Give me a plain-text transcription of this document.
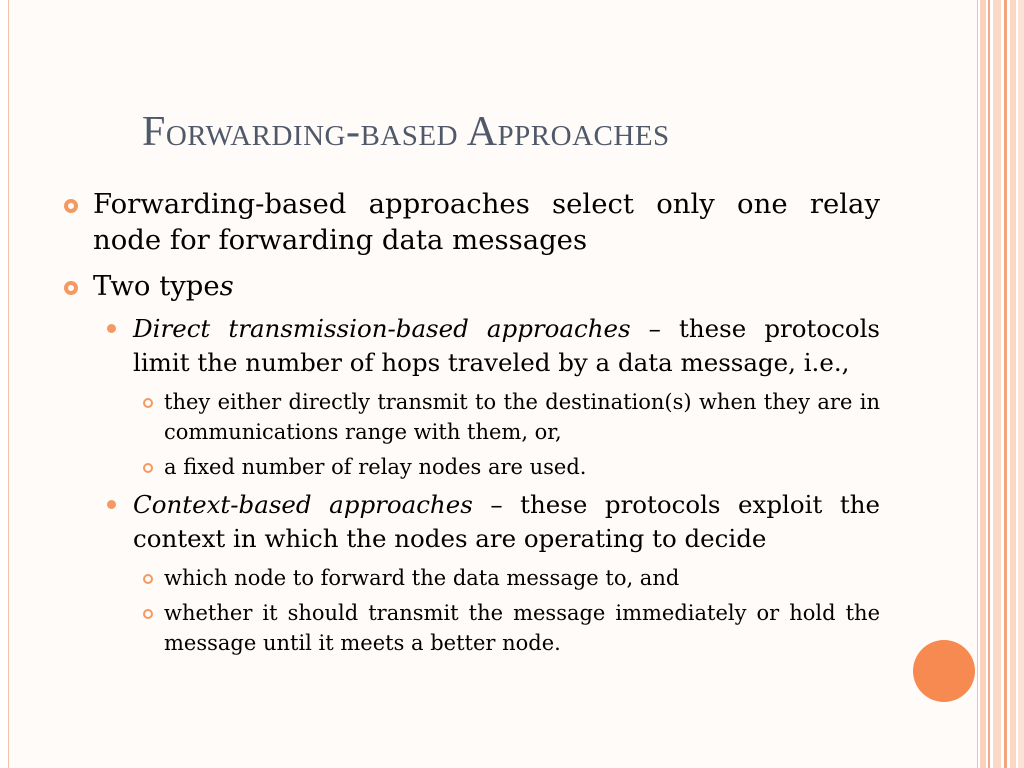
Forwarding-based Approaches
Forwarding-based approaches select only one relay node for forwarding data messages
Two types
Direct transmission-based approaches – these protocols limit the number of hops traveled by a data message, i.e.,
they either directly transmit to the destination(s) when they are in communications range with them, or,
a fixed number of relay nodes are used.
Context-based approaches – these protocols exploit the context in which the nodes are operating to decide
which node to forward the data message to, and
whether it should transmit the message immediately or hold the message until it meets a better node.
